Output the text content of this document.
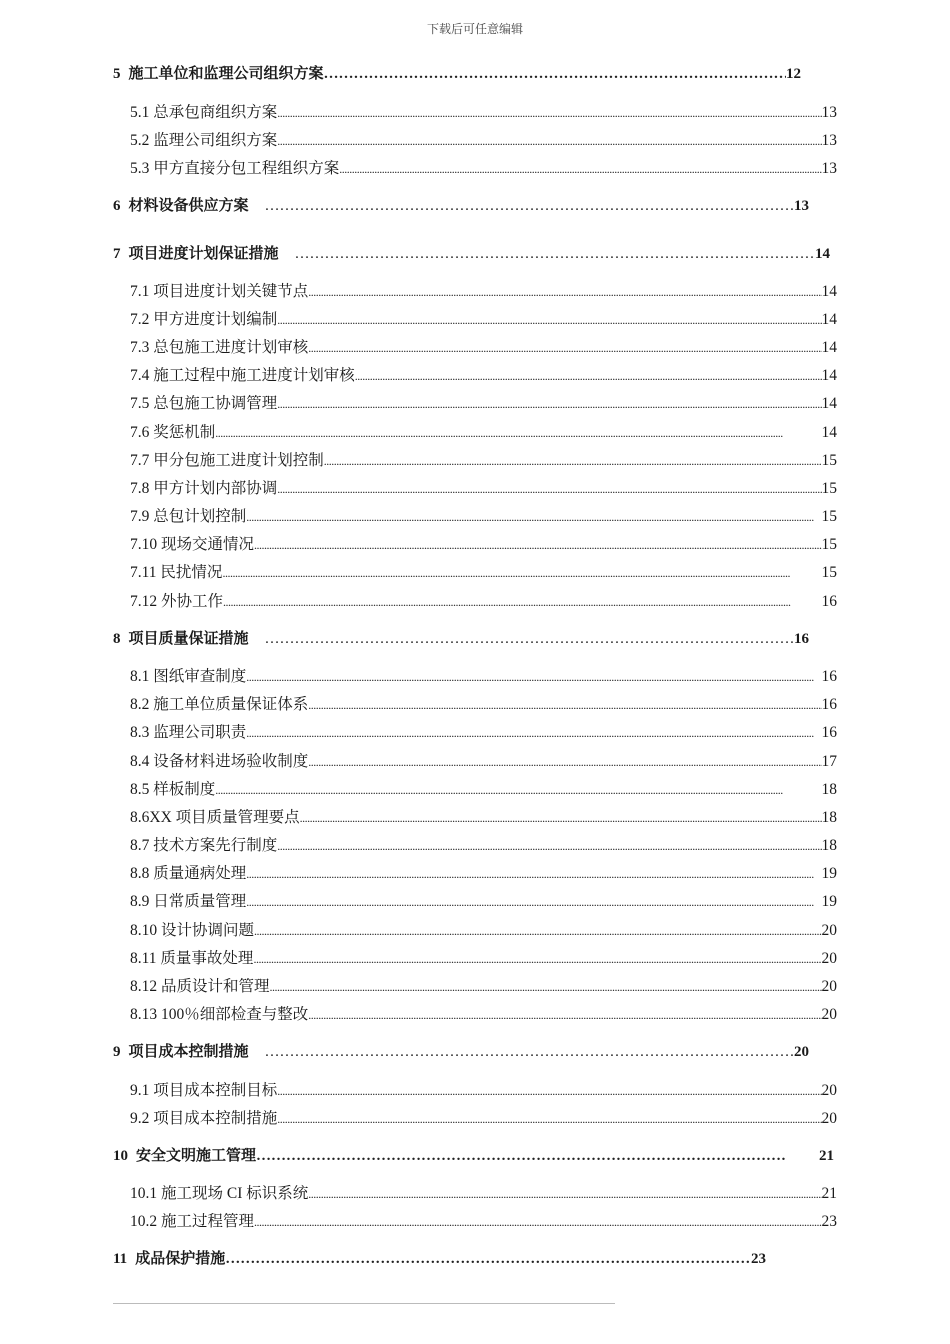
下载后可任意编辑
5 施工单位和监理公司组织方案 …………………………………………………………………………………………………………………………………………………	12
5.1 总承包商组织方案 .....	13
5.2 监理公司组织方案 .....	13
5.3 甲方直接分包工程组织方案 .....	13
6 材料设备供应方案 ………………………………………………………………………………………………………………………………………………	13
7 项目进度计划保证措施 ………………………………………………………………………………………………………………………………………………	14
7.1 项目进度计划关键节点 .....	14
7.2 甲方进度计划编制 .....	14
7.3 总包施工进度计划审核 .....	14
7.4 施工过程中施工进度计划审核 .....	14
7.5 总包施工协调管理 .....	14
7.6 奖惩机制 .....	14
7.7 甲分包施工进度计划控制 .....	15
7.8 甲方计划内部协调 .....	15
7.9 总包计划控制 .....	15
7.10 现场交通情况 .....	15
7.11 民扰情况 .....	15
7.12 外协工作 .....	16
8 项目质量保证措施 ………………………………………………………………………………………………………………………………………………	16
8.1 图纸审查制度 .....	16
8.2 施工单位质量保证体系 .....	16
8.3 监理公司职责 .....	16
8.4 设备材料进场验收制度 .....	17
8.5 样板制度 .....	18
8.6XX 项目质量管理要点 .....	18
8.7 技术方案先行制度 .....	18
8.8 质量通病处理 .....	19
8.9 日常质量管理 .....	19
8.10 设计协调问题 .....	20
8.11 质量事故处理 .....	20
8.12 品质设计和管理 .....	20
8.13 100％细部检查与整改 .....	20
9 项目成本控制措施 ………………………………………………………………………………………………………………………………………………	20
9.1 项目成本控制目标 .....	20
9.2 项目成本控制措施 .....	20
10 安全文明施工管理 …………………………………………………………………………………………………………………………………………………	21
10.1 施工现场 CI 标识系统 .....	21
10.2 施工过程管理 .....	23
11 成品保护措施 …………………………………………………………………………………………………………………………………………………	23
